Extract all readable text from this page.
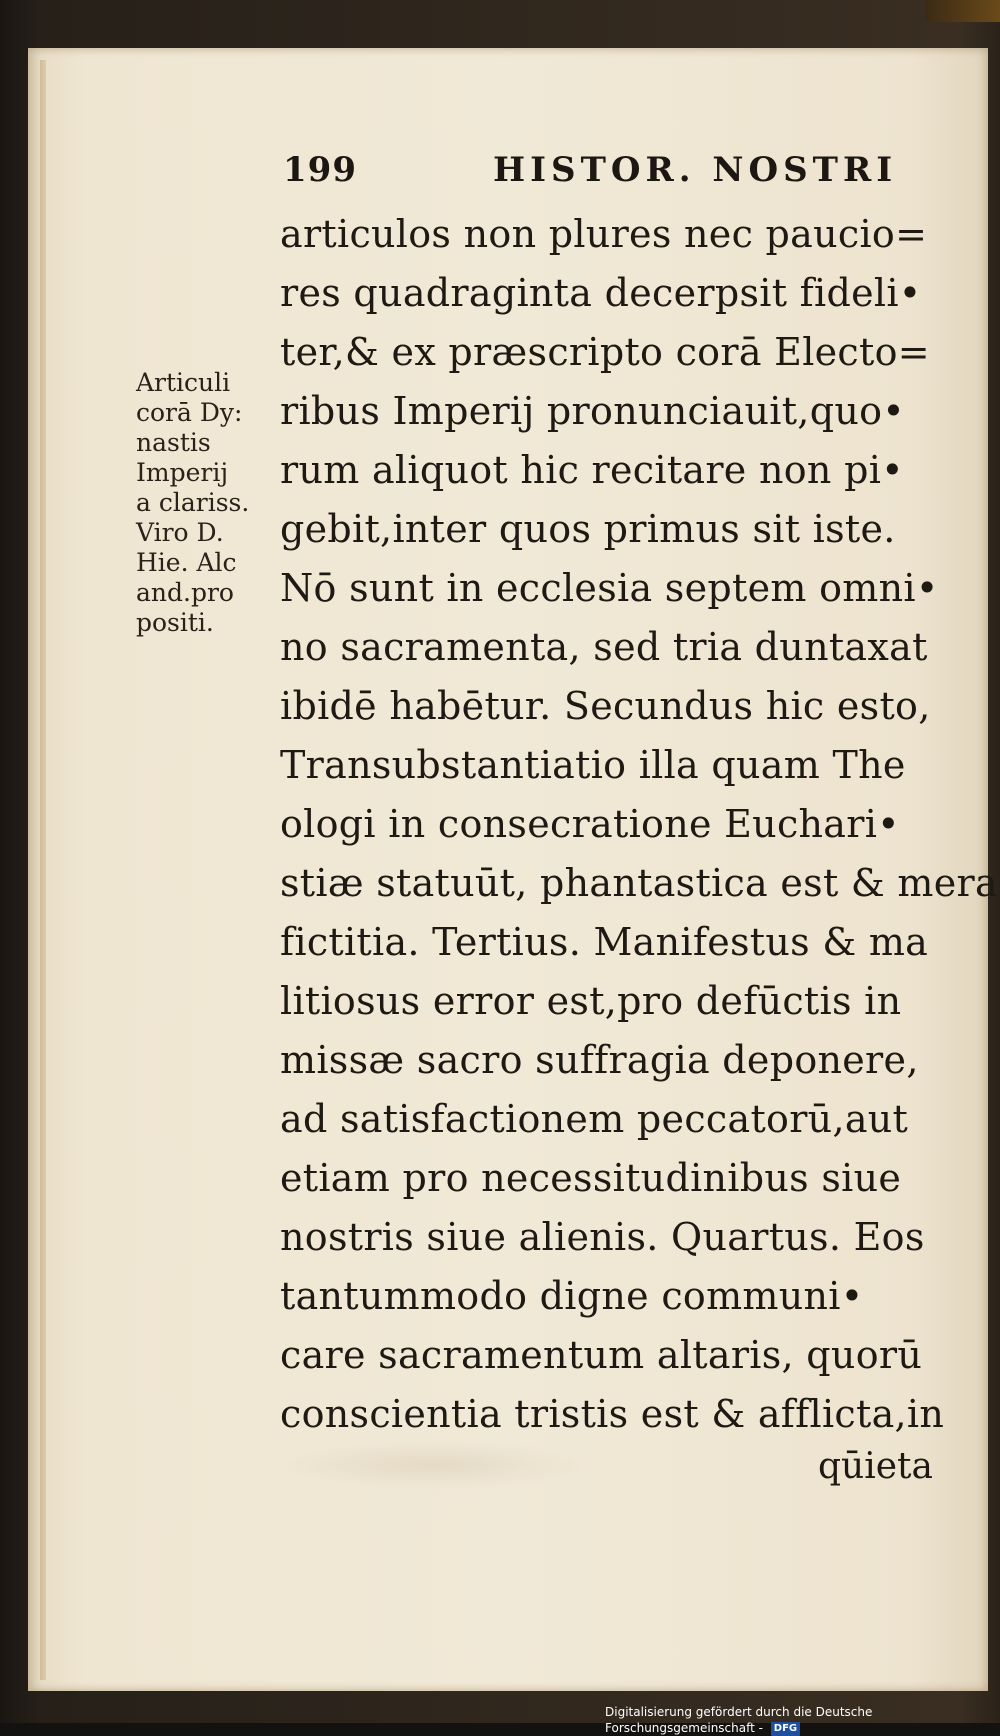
199	HISTOR. NOSTRI
Articuli
corā Dy:
nastis
Imperij
a clariss.
Viro D.
Hie. Alc
and.pro
positi.
articulos non plures nec paucio=
res quadraginta decerpsit fideli•
ter,& ex præscripto corā Electo=
ribus Imperij pronunciauit,quo•
rum aliquot hic recitare non pi•
gebit,inter quos primus sit iste.
Nō sunt in ecclesia septem omni•
no sacramenta, sed tria duntaxat
ibidē habētur. Secundus hic esto,
Transubstantiatio illa quam The
ologi in consecratione Euchari•
stiæ statuūt, phantastica est & mera
fictitia. Tertius. Manifestus & ma
litiosus error est,pro defūctis in
missæ sacro suffragia deponere,
ad satisfactionem peccatorū,aut
etiam pro necessitudinibus siue
nostris siue alienis. Quartus. Eos
tantummodo digne communi•
care sacramentum altaris, quorū
conscientia tristis est & afflicta,in
qūieta
Digitalisierung gefördert durch die Deutsche Forschungsgemeinschaft - DFG
